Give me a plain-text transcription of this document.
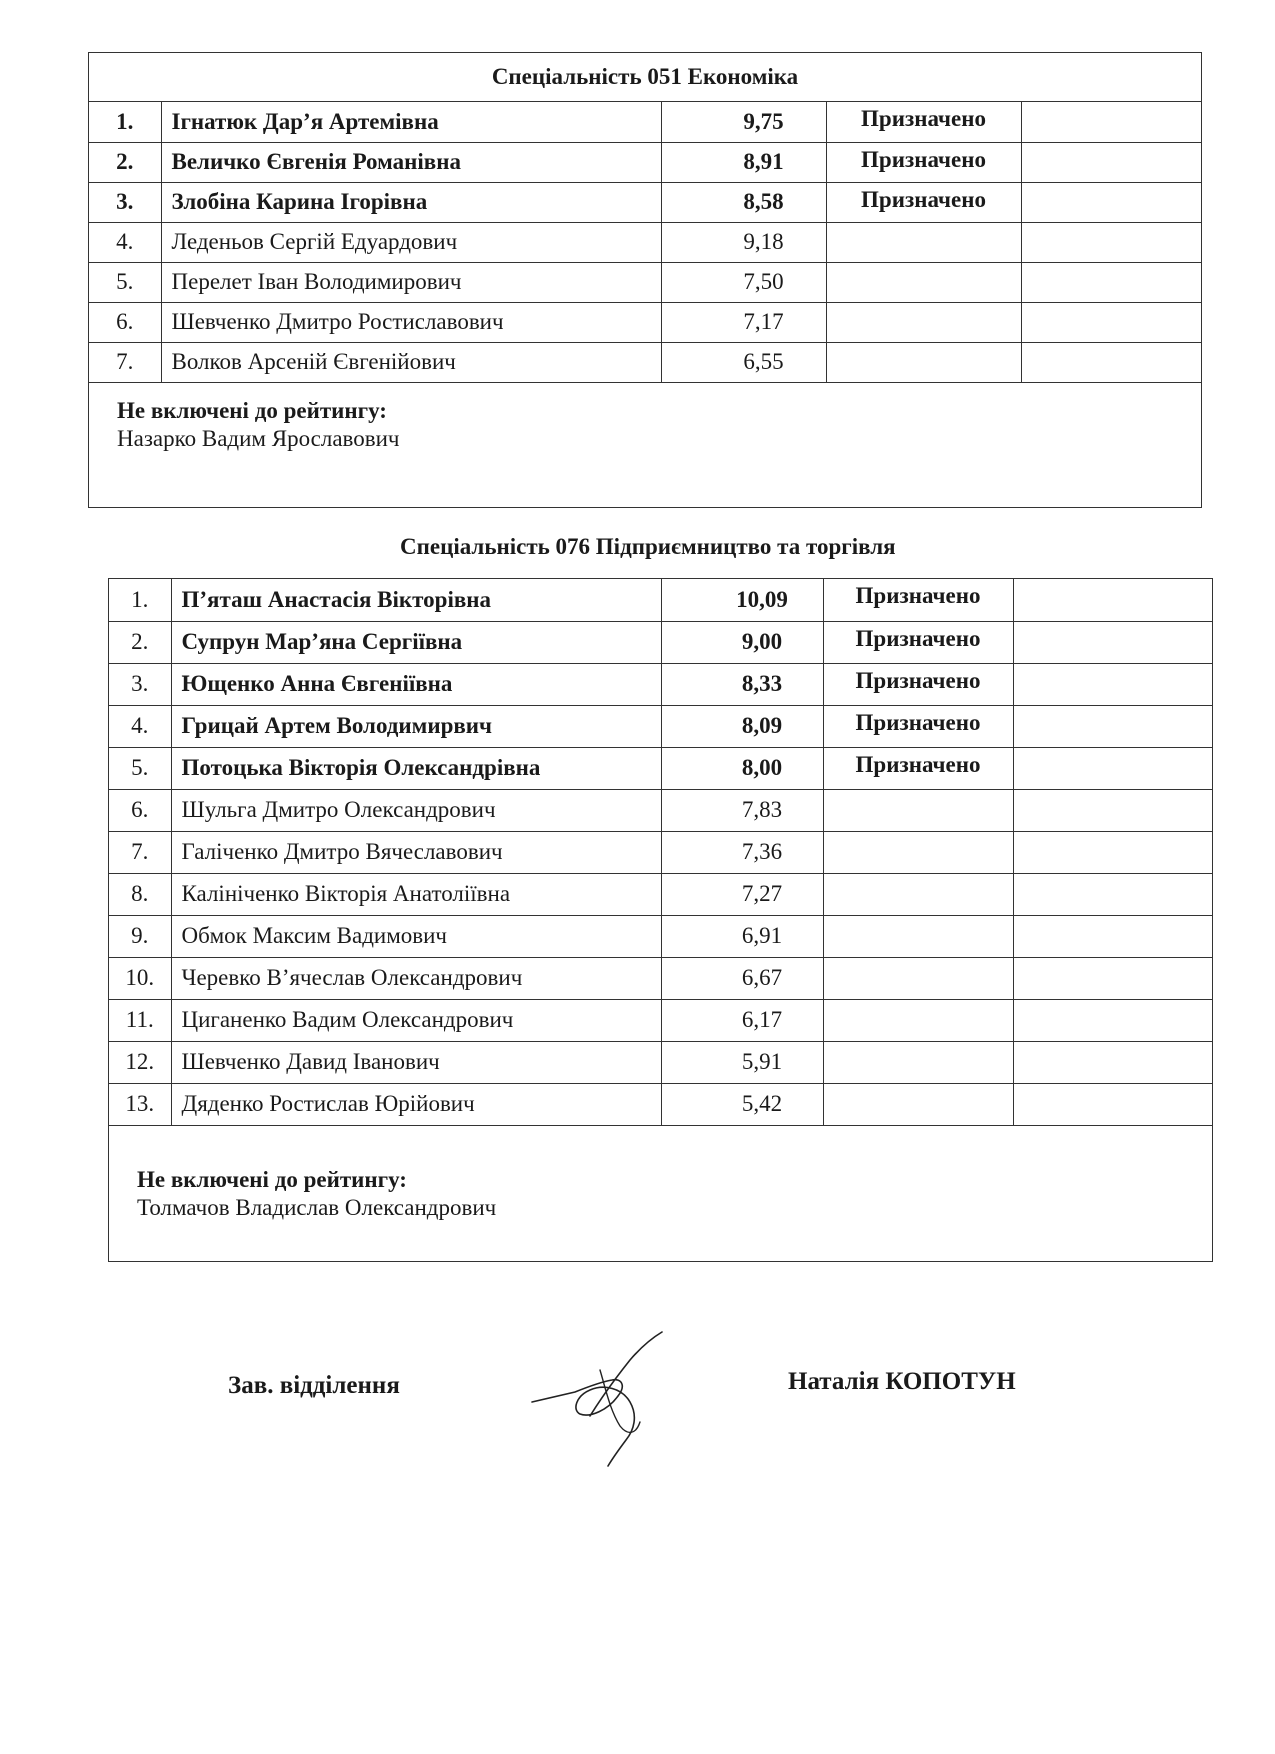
Спеціальність 051 Економіка
1.	Ігнатюк Дар’я Артемівна	9,75	Призначено	
2.	Величко Євгенія Романівна	8,91	Призначено	
3.	Злобіна Карина Ігорівна	8,58	Призначено	
4.	Леденьов Сергій Едуардович	9,18		
5.	Перелет Іван Володимирович	7,50		
6.	Шевченко Дмитро Ростиславович	7,17		
7.	Волков Арсеній Євгенійович	6,55		
Не включені до рейтингу:
Назарко Вадим Ярославович
Спеціальність 076 Підприємництво та торгівля
1.	П’яташ Анастасія Вікторівна	10,09	Призначено	
2.	Супрун Мар’яна Сергіївна	9,00	Призначено	
3.	Ющенко Анна Євгеніївна	8,33	Призначено	
4.	Грицай Артем Володимирвич	8,09	Призначено	
5.	Потоцька Вікторія Олександрівна	8,00	Призначено	
6.	Шульга Дмитро Олександрович	7,83		
7.	Галіченко Дмитро Вячеславович	7,36		
8.	Калініченко Вікторія Анатоліївна	7,27		
9.	Обмок Максим Вадимович	6,91		
10.	Черевко В’ячеслав Олександрович	6,67		
11.	Циганенко Вадим Олександрович	6,17		
12.	Шевченко Давид Іванович	5,91		
13.	Дяденко Ростислав Юрійович	5,42		
Не включені до рейтингу:
Толмачов Владислав Олександрович
Зав. відділення	Наталія КОПОТУН
